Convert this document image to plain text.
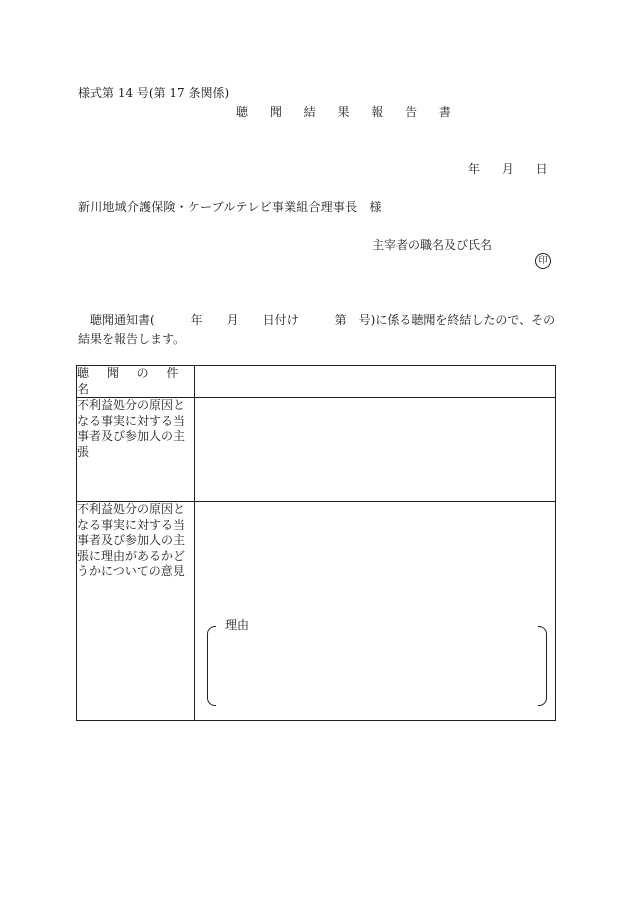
様式第 14 号(第 17 条関係)
聴 聞 結 果 報 告 書
年 月 日
新川地域介護保険・ケーブルテレビ事業組合理事長　様
主宰者の職名及び氏名
印
聴聞通知書(　　　年　　月　　日付け　　　第　号)に係る聴聞を終結したので、その
結果を報告します。
聴 聞 の 件 名	
不利益処分の原因となる事実に対する当事者及び参加人の主張	
不利益処分の原因となる事実に対する当事者及び参加人の主張に理由があるかどうかについての意見	理由
